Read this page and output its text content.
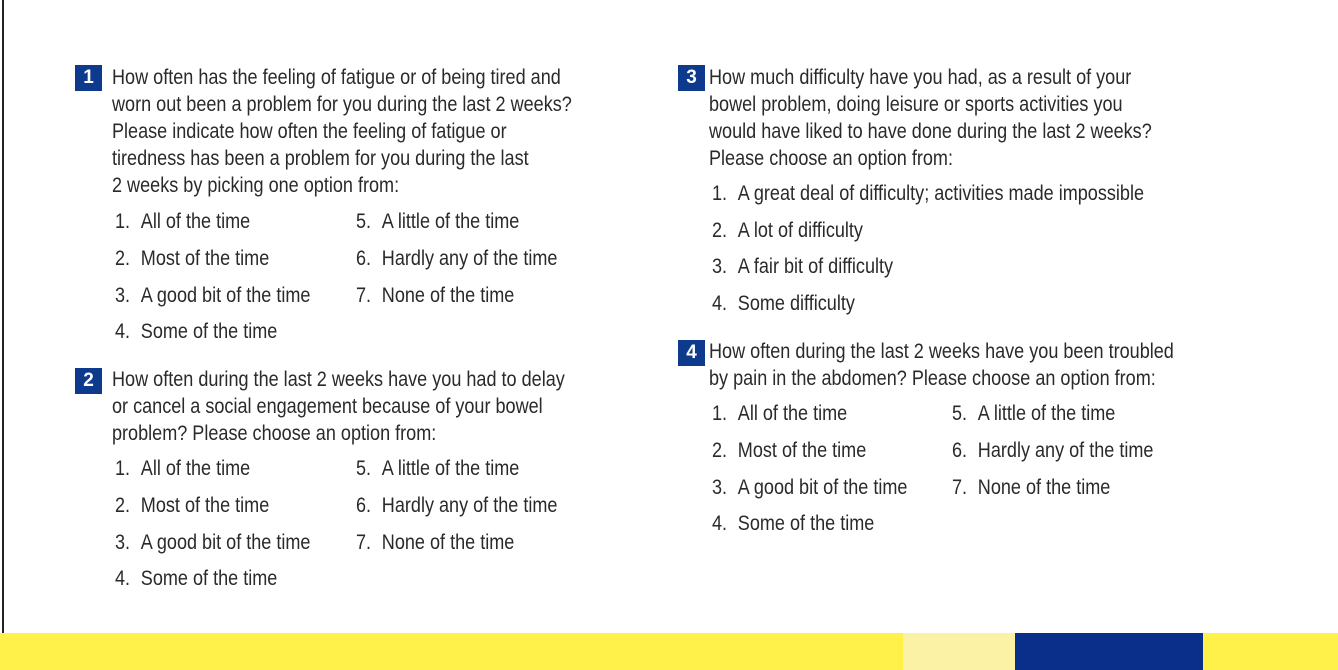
1 How often has the feeling of fatigue or of being tired and
worn out been a problem for you during the last 2 weeks?
Please indicate how often the feeling of fatigue or
tiredness has been a problem for you during the last
2 weeks by picking one option from:
1. All of the time
2. Most of the time
3. A good bit of the time
4. Some of the time
5. A little of the time
6. Hardly any of the time
7. None of the time
2 How often during the last 2 weeks have you had to delay
or cancel a social engagement because of your bowel
problem? Please choose an option from:
1. All of the time
2. Most of the time
3. A good bit of the time
4. Some of the time
5. A little of the time
6. Hardly any of the time
7. None of the time
3 How much difficulty have you had, as a result of your
bowel problem, doing leisure or sports activities you
would have liked to have done during the last 2 weeks?
Please choose an option from:
1. A great deal of difficulty; activities made impossible
2. A lot of difficulty
3. A fair bit of difficulty
4. Some difficulty
4 How often during the last 2 weeks have you been troubled
by pain in the abdomen? Please choose an option from:
1. All of the time
2. Most of the time
3. A good bit of the time
4. Some of the time
5. A little of the time
6. Hardly any of the time
7. None of the time
